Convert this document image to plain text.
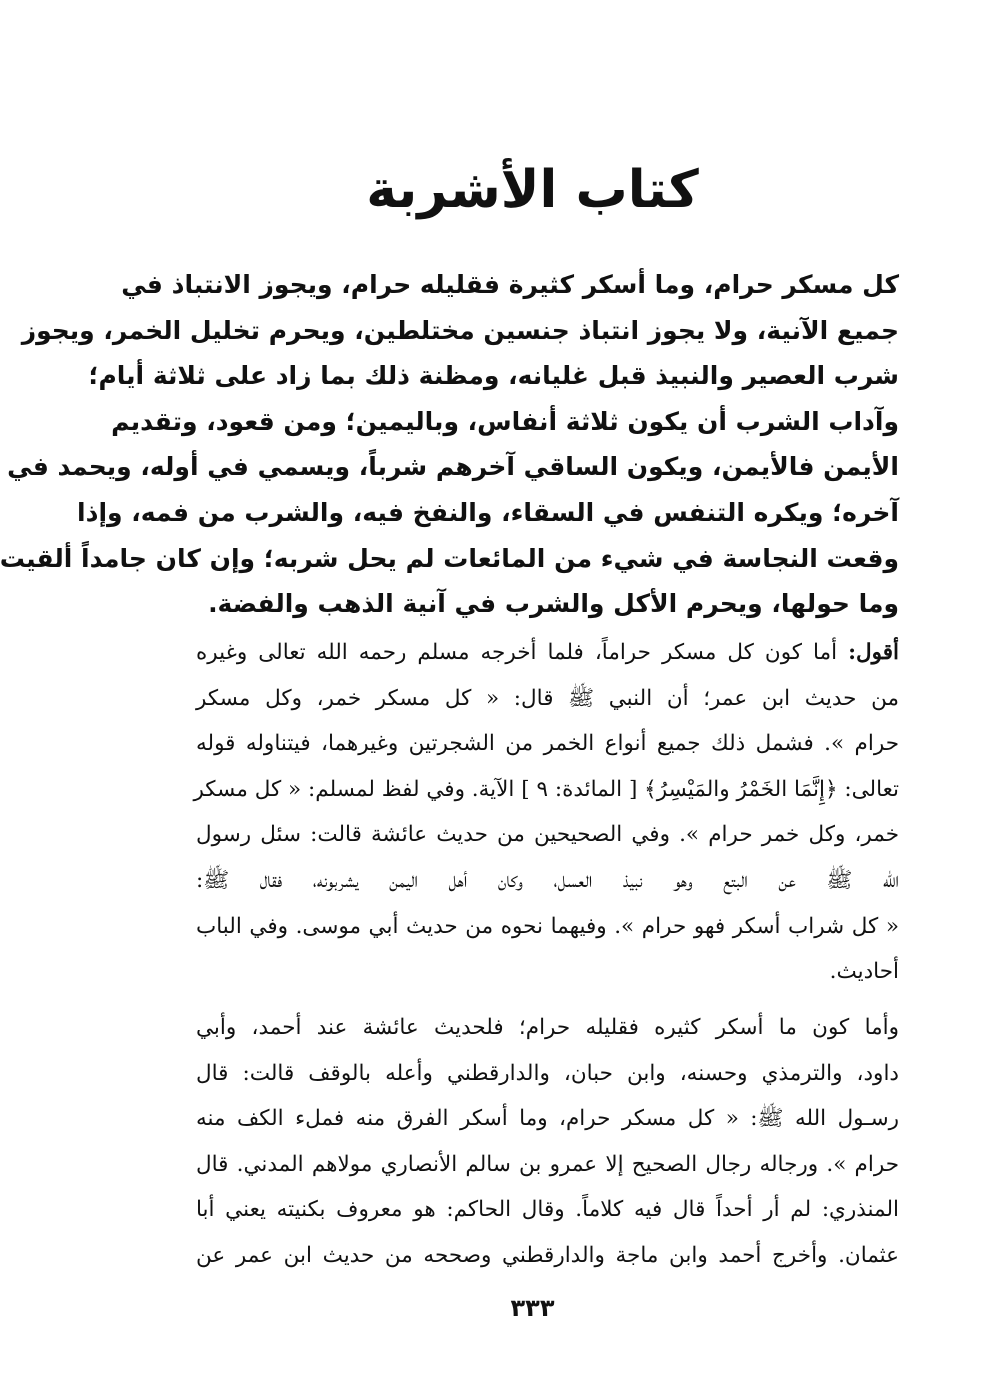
كتاب الأشربة
كل مسكر حرام، وما أسكر كثيرة فقليله حرام، ويجوز الانتباذ في
جميع الآنية، ولا يجوز انتباذ جنسين مختلطين، ويحرم تخليل الخمر، ويجوز
شرب العصير والنبيذ قبل غليانه، ومظنة ذلك بما زاد على ثلاثة أيام؛
وآداب الشرب أن يكون ثلاثة أنفاس، وباليمين؛ ومن قعود، وتقديم
الأيمن فالأيمن، ويكون الساقي آخرهم شرباً، ويسمي في أوله، ويحمد في
آخره؛ ويكره التنفس في السقاء، والنفخ فيه، والشرب من فمه، وإذا
وقعت النجاسة في شيء من المائعات لم يحل شربه؛ وإن كان جامداً ألقيت
وما حولها، ويحرم الأكل والشرب في آنية الذهب والفضة.
أقول: أما كون كل مسكر حراماً، فلما أخرجه مسلم رحمه الله تعالى وغيره
من حديث ابن عمر؛ أن النبي ﷺ قال: « كل مسكر خمر، وكل مسكر
حرام ». فشمل ذلك جميع أنواع الخمر من الشجرتين وغيرهما، فيتناوله قوله
تعالى: ﴿إِنَّمَا الخَمْرُ والمَيْسِرُ﴾ [ المائدة: ٩ ] الآية. وفي لفظ لمسلم: « كل مسكر
خمر، وكل خمر حرام ». وفي الصحيحين من حديث عائشة قالت: سئل رسول
الله ﷺ عن البتع وهو نبيذ العسل، وكان أهل اليمن يشربونه، فقال ﷺ:
« كل شراب أسكر فهو حرام ». وفيهما نحوه من حديث أبي موسى. وفي الباب
أحاديث.
وأما كون ما أسكر كثيره فقليله حرام؛ فلحديث عائشة عند أحمد، وأبي
داود، والترمذي وحسنه، وابن حبان، والدارقطني وأعله بالوقف قالت: قال
رسـول الله ﷺ: « كل مسكر حرام، وما أسكر الفرق منه فملء الكف منه
حرام ». ورجاله رجال الصحيح إلا عمرو بن سالم الأنصاري مولاهم المدني. قال
المنذري: لم أر أحداً قال فيه كلاماً. وقال الحاكم: هو معروف بكنيته يعني أبا
عثمان. وأخرج أحمد وابن ماجة والدارقطني وصححه من حديث ابن عمر عن
٣٣٣
